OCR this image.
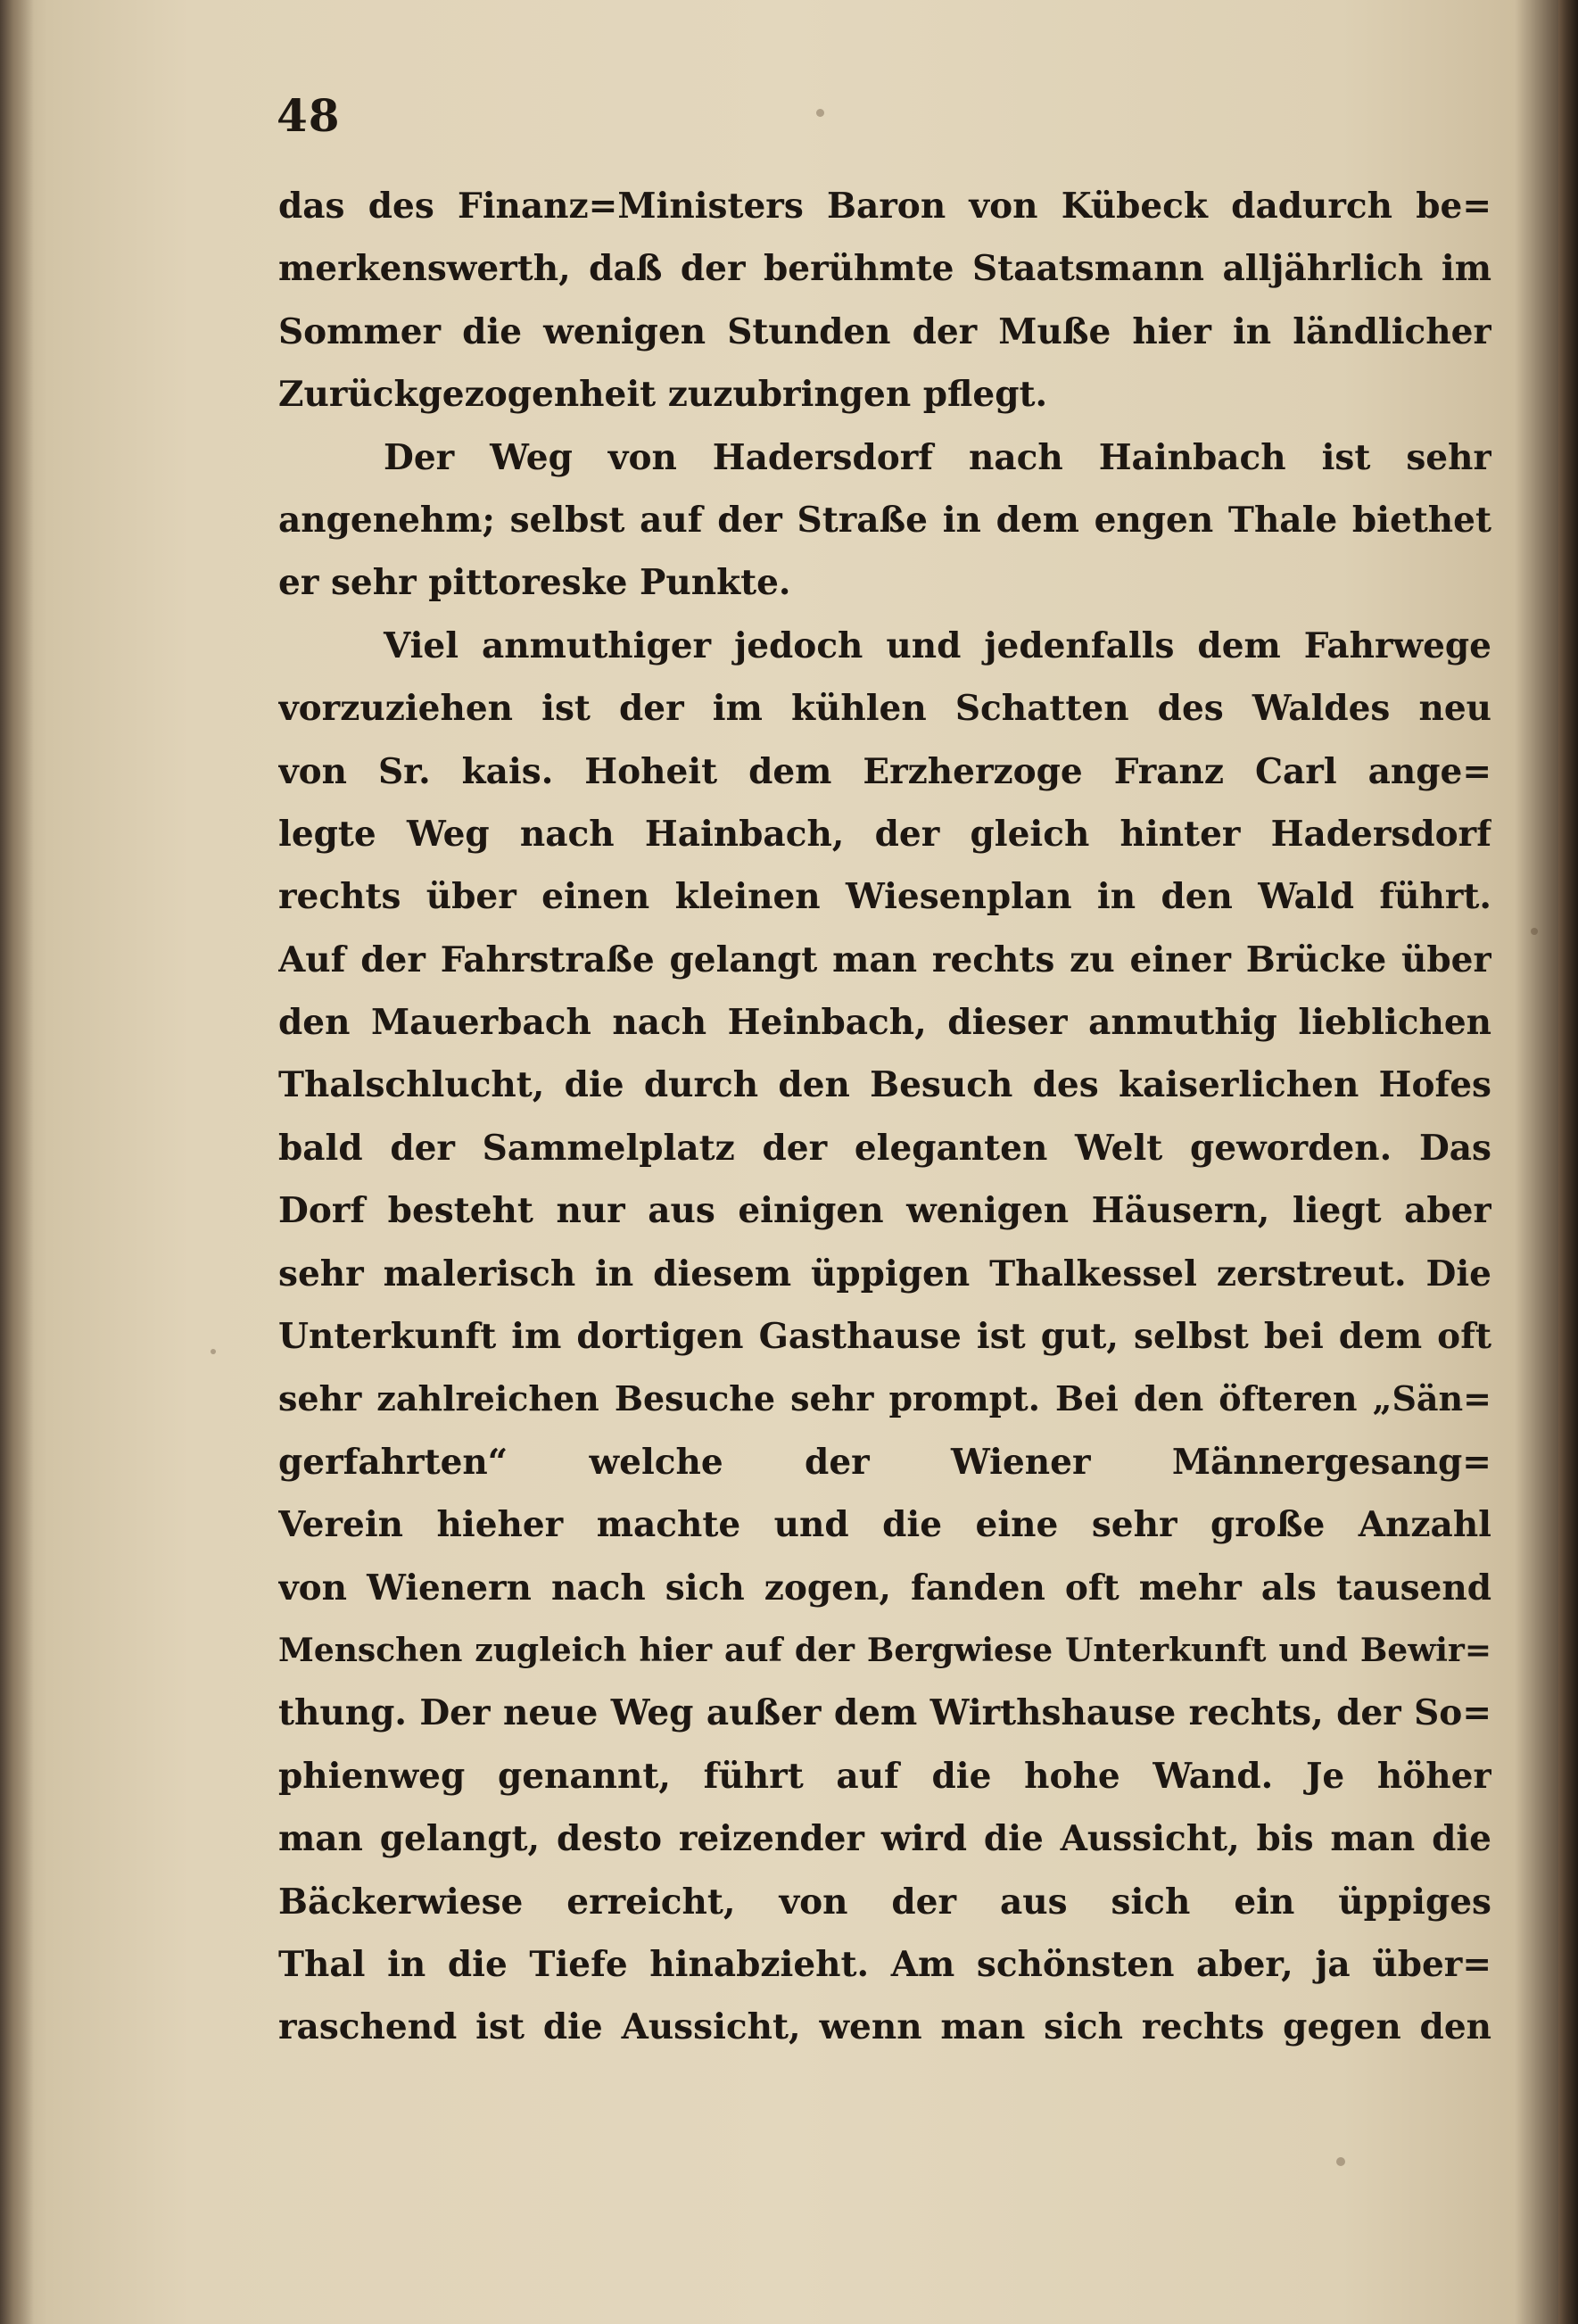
48
das des Finanz=Ministers Baron von Kübeck dadurch be=
merkenswerth, daß der berühmte Staatsmann alljährlich im
Sommer die wenigen Stunden der Muße hier in ländlicher
Zurückgezogenheit zuzubringen pflegt.
Der Weg von Hadersdorf nach Hainbach ist sehr
angenehm; selbst auf der Straße in dem engen Thale biethet
er sehr pittoreske Punkte.
Viel anmuthiger jedoch und jedenfalls dem Fahrwege
vorzuziehen ist der im kühlen Schatten des Waldes neu
von Sr. kais. Hoheit dem Erzherzoge Franz Carl ange=
legte Weg nach Hainbach, der gleich hinter Hadersdorf
rechts über einen kleinen Wiesenplan in den Wald führt.
Auf der Fahrstraße gelangt man rechts zu einer Brücke über
den Mauerbach nach Heinbach, dieser anmuthig lieblichen
Thalschlucht, die durch den Besuch des kaiserlichen Hofes
bald der Sammelplatz der eleganten Welt geworden. Das
Dorf besteht nur aus einigen wenigen Häusern, liegt aber
sehr malerisch in diesem üppigen Thalkessel zerstreut. Die
Unterkunft im dortigen Gasthause ist gut, selbst bei dem oft
sehr zahlreichen Besuche sehr prompt. Bei den öfteren „Sän=
gerfahrten“ welche der Wiener Männergesang=
Verein hieher machte und die eine sehr große Anzahl
von Wienern nach sich zogen, fanden oft mehr als tausend
Menschen zugleich hier auf der Bergwiese Unterkunft und Bewir=
thung. Der neue Weg außer dem Wirthshause rechts, der So=
phienweg genannt, führt auf die hohe Wand. Je höher
man gelangt, desto reizender wird die Aussicht, bis man die
Bäckerwiese erreicht, von der aus sich ein üppiges
Thal in die Tiefe hinabzieht. Am schönsten aber, ja über=
raschend ist die Aussicht, wenn man sich rechts gegen den
